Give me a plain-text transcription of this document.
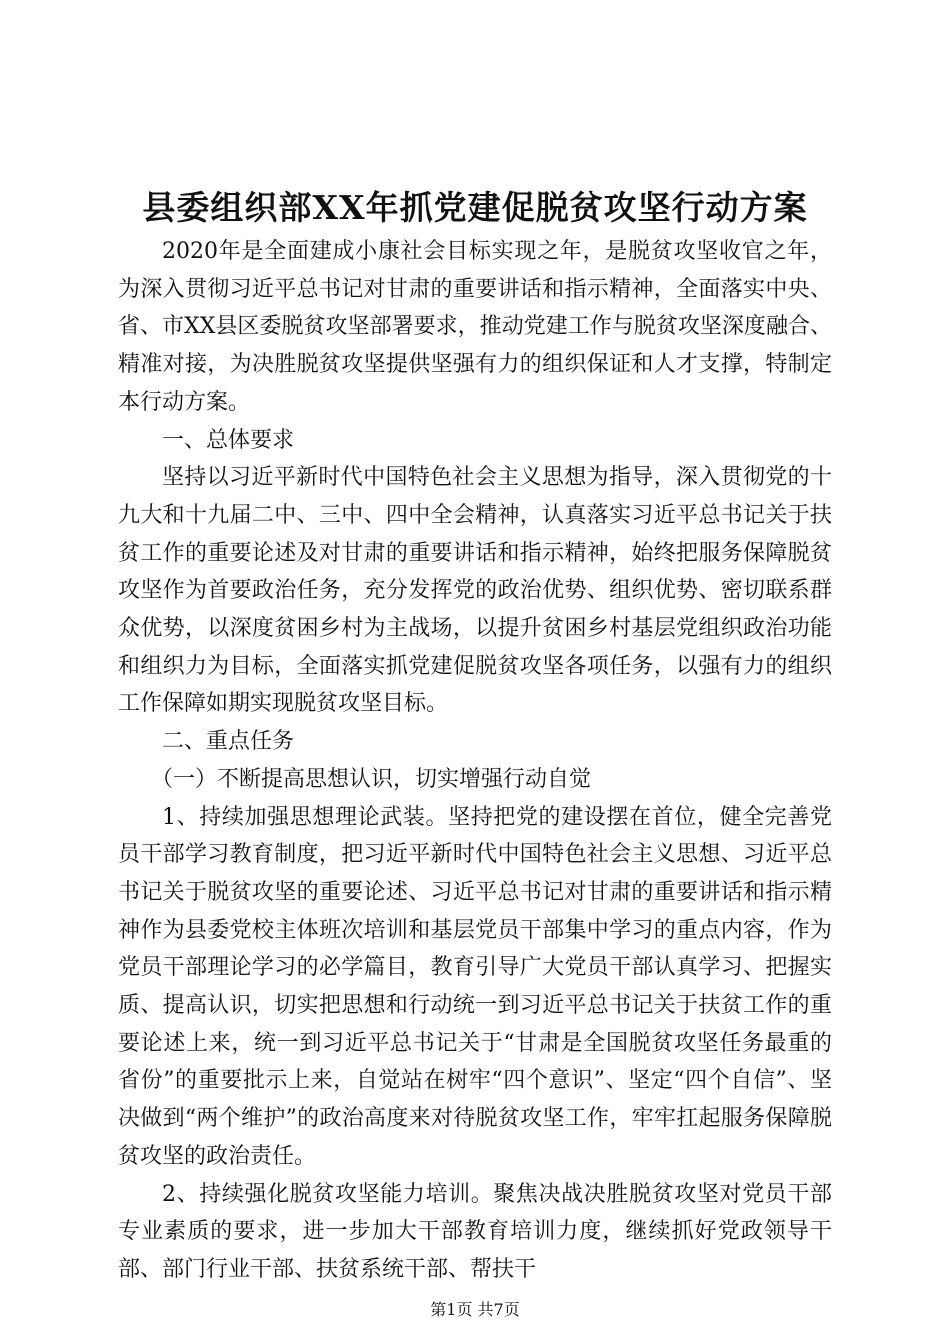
县委组织部XX年抓党建促脱贫攻坚行动方案

2020年是全面建成小康社会目标实现之年，是脱贫攻坚收官之年，为深入贯彻习近平总书记对甘肃的重要讲话和指示精神，全面落实中央、省、市XX县区委脱贫攻坚部署要求，推动党建工作与脱贫攻坚深度融合、精准对接，为决胜脱贫攻坚提供坚强有力的组织保证和人才支撑，特制定本行动方案。

一、总体要求

坚持以习近平新时代中国特色社会主义思想为指导，深入贯彻党的十九大和十九届二中、三中、四中全会精神，认真落实习近平总书记关于扶贫工作的重要论述及对甘肃的重要讲话和指示精神，始终把服务保障脱贫攻坚作为首要政治任务，充分发挥党的政治优势、组织优势、密切联系群众优势，以深度贫困乡村为主战场，以提升贫困乡村基层党组织政治功能和组织力为目标，全面落实抓党建促脱贫攻坚各项任务，以强有力的组织工作保障如期实现脱贫攻坚目标。

二、重点任务

（一）不断提高思想认识，切实增强行动自觉

1、持续加强思想理论武装。坚持把党的建设摆在首位，健全完善党员干部学习教育制度，把习近平新时代中国特色社会主义思想、习近平总书记关于脱贫攻坚的重要论述、习近平总书记对甘肃的重要讲话和指示精神作为县委党校主体班次培训和基层党员干部集中学习的重点内容，作为党员干部理论学习的必学篇目，教育引导广大党员干部认真学习、把握实质、提高认识，切实把思想和行动统一到习近平总书记关于扶贫工作的重要论述上来，统一到习近平总书记关于“甘肃是全国脱贫攻坚任务最重的省份”的重要批示上来，自觉站在树牢“四个意识”、坚定“四个自信”、坚决做到“两个维护”的政治高度来对待脱贫攻坚工作，牢牢扛起服务保障脱贫攻坚的政治责任。

2、持续强化脱贫攻坚能力培训。聚焦决战决胜脱贫攻坚对党员干部专业素质的要求，进一步加大干部教育培训力度，继续抓好党政领导干部、部门行业干部、扶贫系统干部、帮扶干

第1页 共7页
